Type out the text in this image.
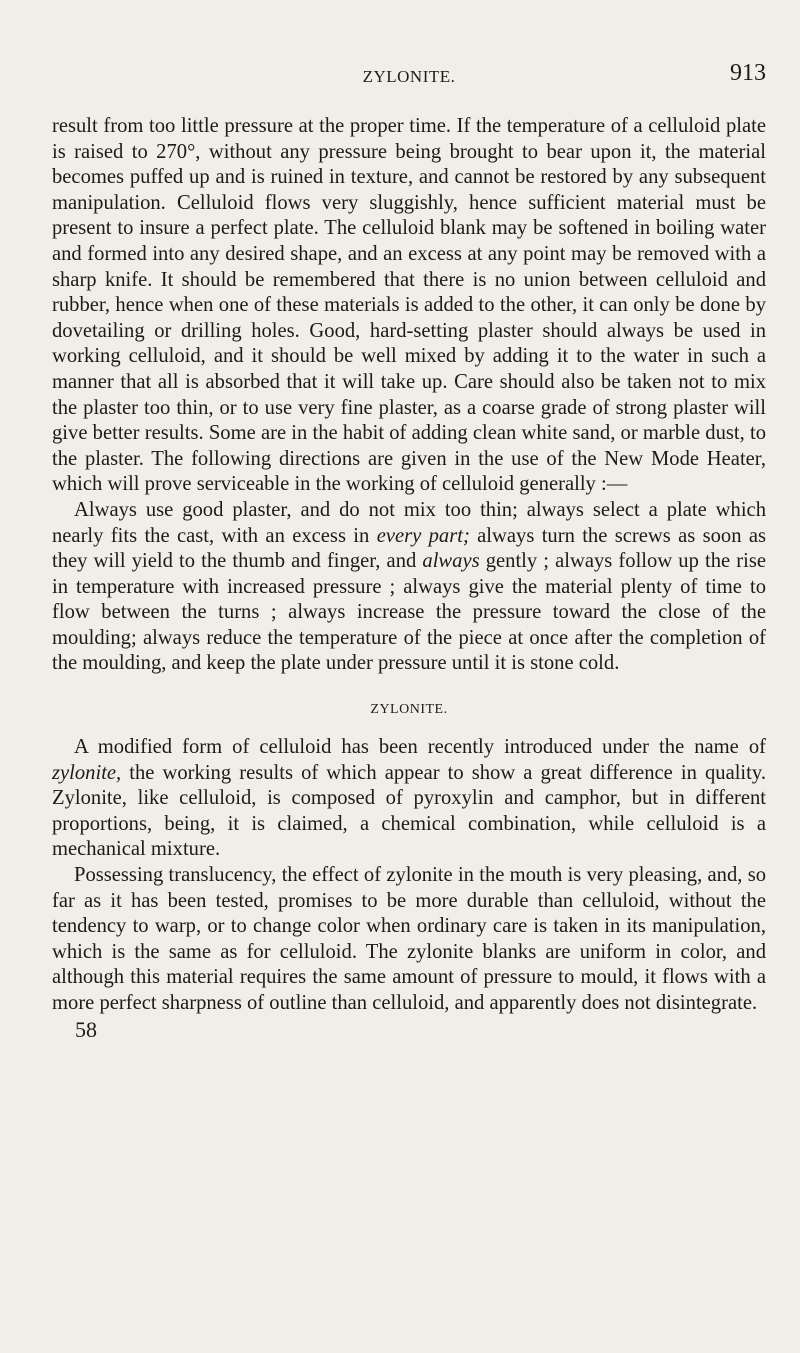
ZYLONITE.	913

result from too little pressure at the proper time. If the temperature of a celluloid plate is raised to 270°, without any pressure being brought to bear upon it, the material becomes puffed up and is ruined in texture, and cannot be restored by any subsequent manipulation. Celluloid flows very sluggishly, hence sufficient material must be present to insure a perfect plate. The celluloid blank may be softened in boiling water and formed into any desired shape, and an excess at any point may be removed with a sharp knife. It should be remembered that there is no union between celluloid and rubber, hence when one of these materials is added to the other, it can only be done by dovetailing or drilling holes. Good, hard-setting plaster should always be used in working celluloid, and it should be well mixed by adding it to the water in such a manner that all is absorbed that it will take up. Care should also be taken not to mix the plaster too thin, or to use very fine plaster, as a coarse grade of strong plaster will give better results. Some are in the habit of adding clean white sand, or marble dust, to the plaster. The following directions are given in the use of the New Mode Heater, which will prove serviceable in the working of celluloid generally :—

Always use good plaster, and do not mix too thin; always select a plate which nearly fits the cast, with an excess in every part; always turn the screws as soon as they will yield to the thumb and finger, and always gently ; always follow up the rise in temperature with increased pressure ; always give the material plenty of time to flow between the turns ; always increase the pressure toward the close of the moulding; always reduce the temperature of the piece at once after the completion of the moulding, and keep the plate under pressure until it is stone cold.

ZYLONITE.

A modified form of celluloid has been recently introduced under the name of zylonite, the working results of which appear to show a great difference in quality. Zylonite, like celluloid, is composed of pyroxylin and camphor, but in different proportions, being, it is claimed, a chemical combination, while celluloid is a mechanical mixture.

Possessing translucency, the effect of zylonite in the mouth is very pleasing, and, so far as it has been tested, promises to be more durable than celluloid, without the tendency to warp, or to change color when ordinary care is taken in its manipulation, which is the same as for celluloid. The zylonite blanks are uniform in color, and although this material requires the same amount of pressure to mould, it flows with a more perfect sharpness of outline than celluloid, and apparently does not disintegrate.

58
